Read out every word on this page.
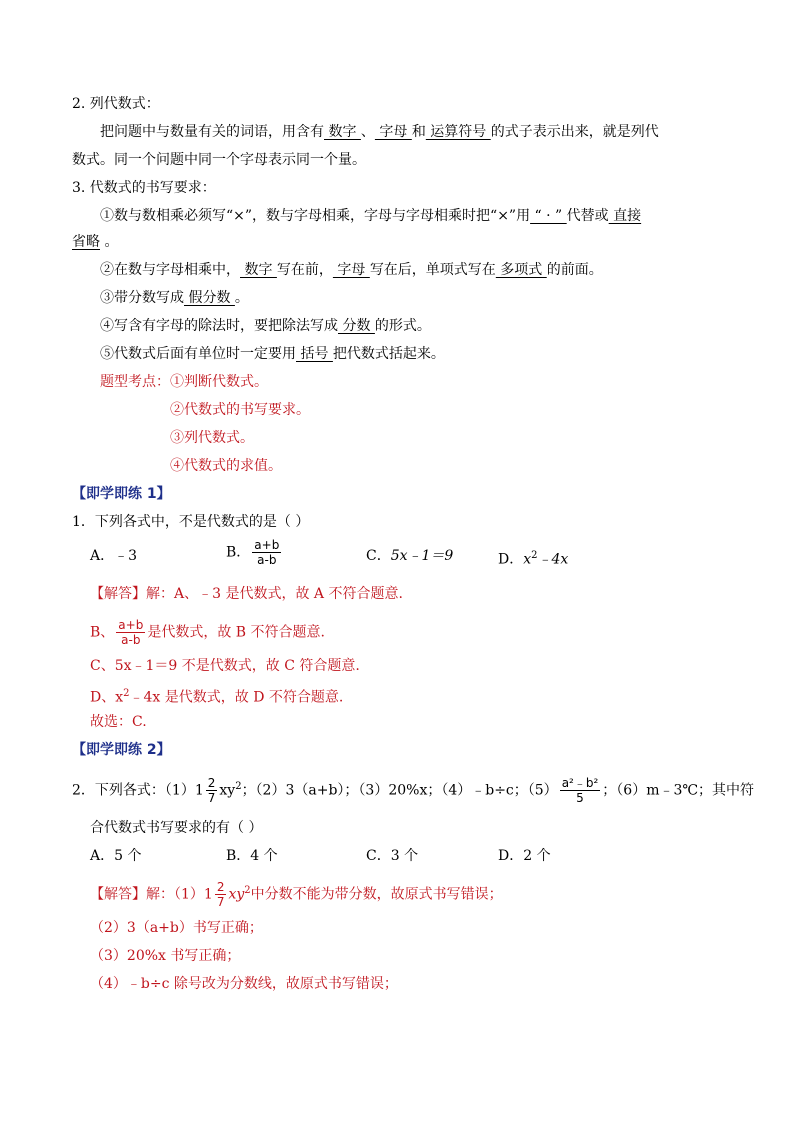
2. 列代数式：
把问题中与数量有关的词语，用含有 数字 、 字母 和 运算符号 的式子表示出来，就是列代
数式。同一个问题中同一个字母表示同一个量。
3. 代数式的书写要求：
①数与数相乘必须写“×”，数与字母相乘，字母与字母相乘时把“×”用 “ · ” 代替或 直接
省略 。
②在数与字母相乘中， 数字 写在前， 字母 写在后，单项式写在 多项式 的前面。
③带分数写成 假分数 。
④写含有字母的除法时，要把除法写成 分数 的形式。
⑤代数式后面有单位时一定要用 括号 把代数式括起来。
题型考点：①判断代数式。
②代数式的书写要求。
③列代数式。
④代数式的求值。
【即学即练 1】
1．下列各式中，不是代数式的是（ ）
A．﹣3	B． $\frac{a+b}{a-b}$	C．5x﹣1＝9	D．$x^2﹣4x$
【解答】解：A、﹣3 是代数式，故 A 不符合题意.
B、 $\frac{a+b}{a-b}$ 是代数式，故 B 不符合题意.
C、5x﹣1＝9 不是代数式，故 C 符合题意.
D、$x^2﹣4x$ 是代数式，故 D 不符合题意.
故选：C.
【即学即练 2】
2．下列各式：$(1)1 \frac{2}{7} xy^2$；（2）3（a+b）；（3）20%x；（4）﹣b÷c；$(5) \frac{\text{a²﹣b²}}{5}$ ；（6）m﹣3℃；其中符
合代数式书写要求的有（ ）
A．5 个	B．4 个	C．3 个	D．2 个
【解答】解：$(1)1 \frac{2}{7} xy^2$中分数不能为带分数，故原式书写错误；
（2）3（a+b）书写正确；
（3）20%x 书写正确；
（4）﹣b÷c 除号改为分数线，故原式书写错误；
